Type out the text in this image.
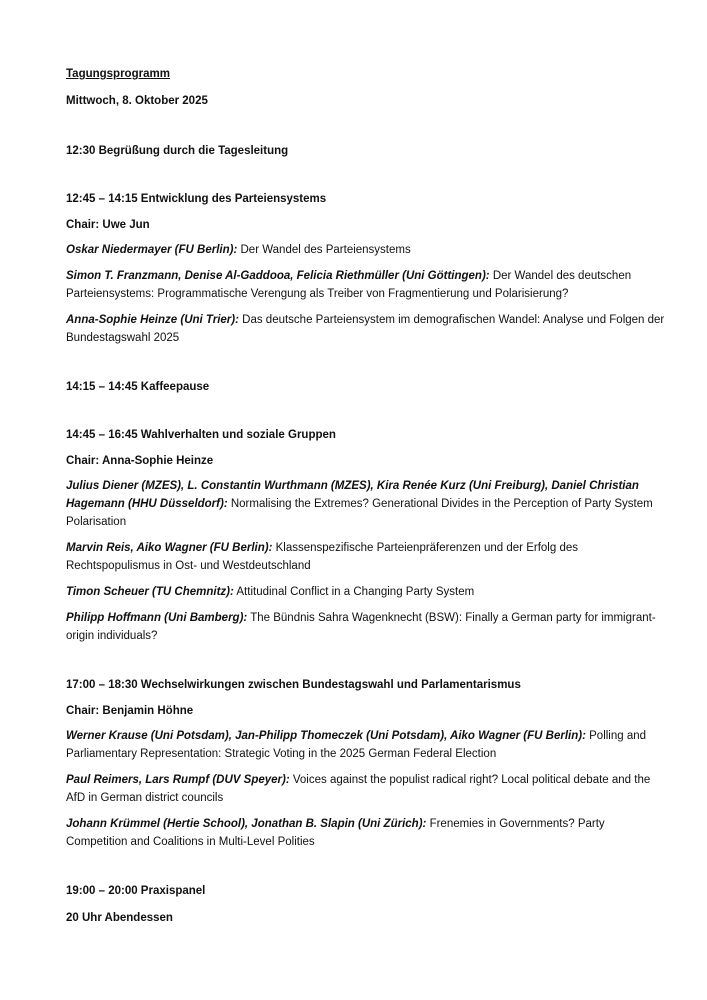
Tagungsprogramm
Mittwoch, 8. Oktober 2025
12:30 Begrüßung durch die Tagesleitung
12:45 – 14:15 Entwicklung des Parteiensystems
Chair: Uwe Jun
Oskar Niedermayer (FU Berlin): Der Wandel des Parteiensystems
Simon T. Franzmann, Denise Al-Gaddooa, Felicia Riethmüller (Uni Göttingen): Der Wandel des deutschen Parteiensystems: Programmatische Verengung als Treiber von Fragmentierung und Polarisierung?
Anna-Sophie Heinze (Uni Trier): Das deutsche Parteiensystem im demografischen Wandel: Analyse und Folgen der Bundestagswahl 2025
14:15 – 14:45 Kaffeepause
14:45 – 16:45 Wahlverhalten und soziale Gruppen
Chair: Anna-Sophie Heinze
Julius Diener (MZES), L. Constantin Wurthmann (MZES), Kira Renée Kurz (Uni Freiburg), Daniel Christian Hagemann (HHU Düsseldorf): Normalising the Extremes? Generational Divides in the Perception of Party System Polarisation
Marvin Reis, Aiko Wagner (FU Berlin): Klassenspezifische Parteienpräferenzen und der Erfolg des Rechtspopulismus in Ost- und Westdeutschland
Timon Scheuer (TU Chemnitz): Attitudinal Conflict in a Changing Party System
Philipp Hoffmann (Uni Bamberg): The Bündnis Sahra Wagenknecht (BSW): Finally a German party for immigrant-origin individuals?
17:00 – 18:30 Wechselwirkungen zwischen Bundestagswahl und Parlamentarismus
Chair: Benjamin Höhne
Werner Krause (Uni Potsdam), Jan-Philipp Thomeczek (Uni Potsdam), Aiko Wagner (FU Berlin): Polling and Parliamentary Representation: Strategic Voting in the 2025 German Federal Election
Paul Reimers, Lars Rumpf (DUV Speyer): Voices against the populist radical right? Local political debate and the AfD in German district councils
Johann Krümmel (Hertie School), Jonathan B. Slapin (Uni Zürich): Frenemies in Governments? Party Competition and Coalitions in Multi-Level Polities
19:00 – 20:00 Praxispanel
20 Uhr Abendessen
